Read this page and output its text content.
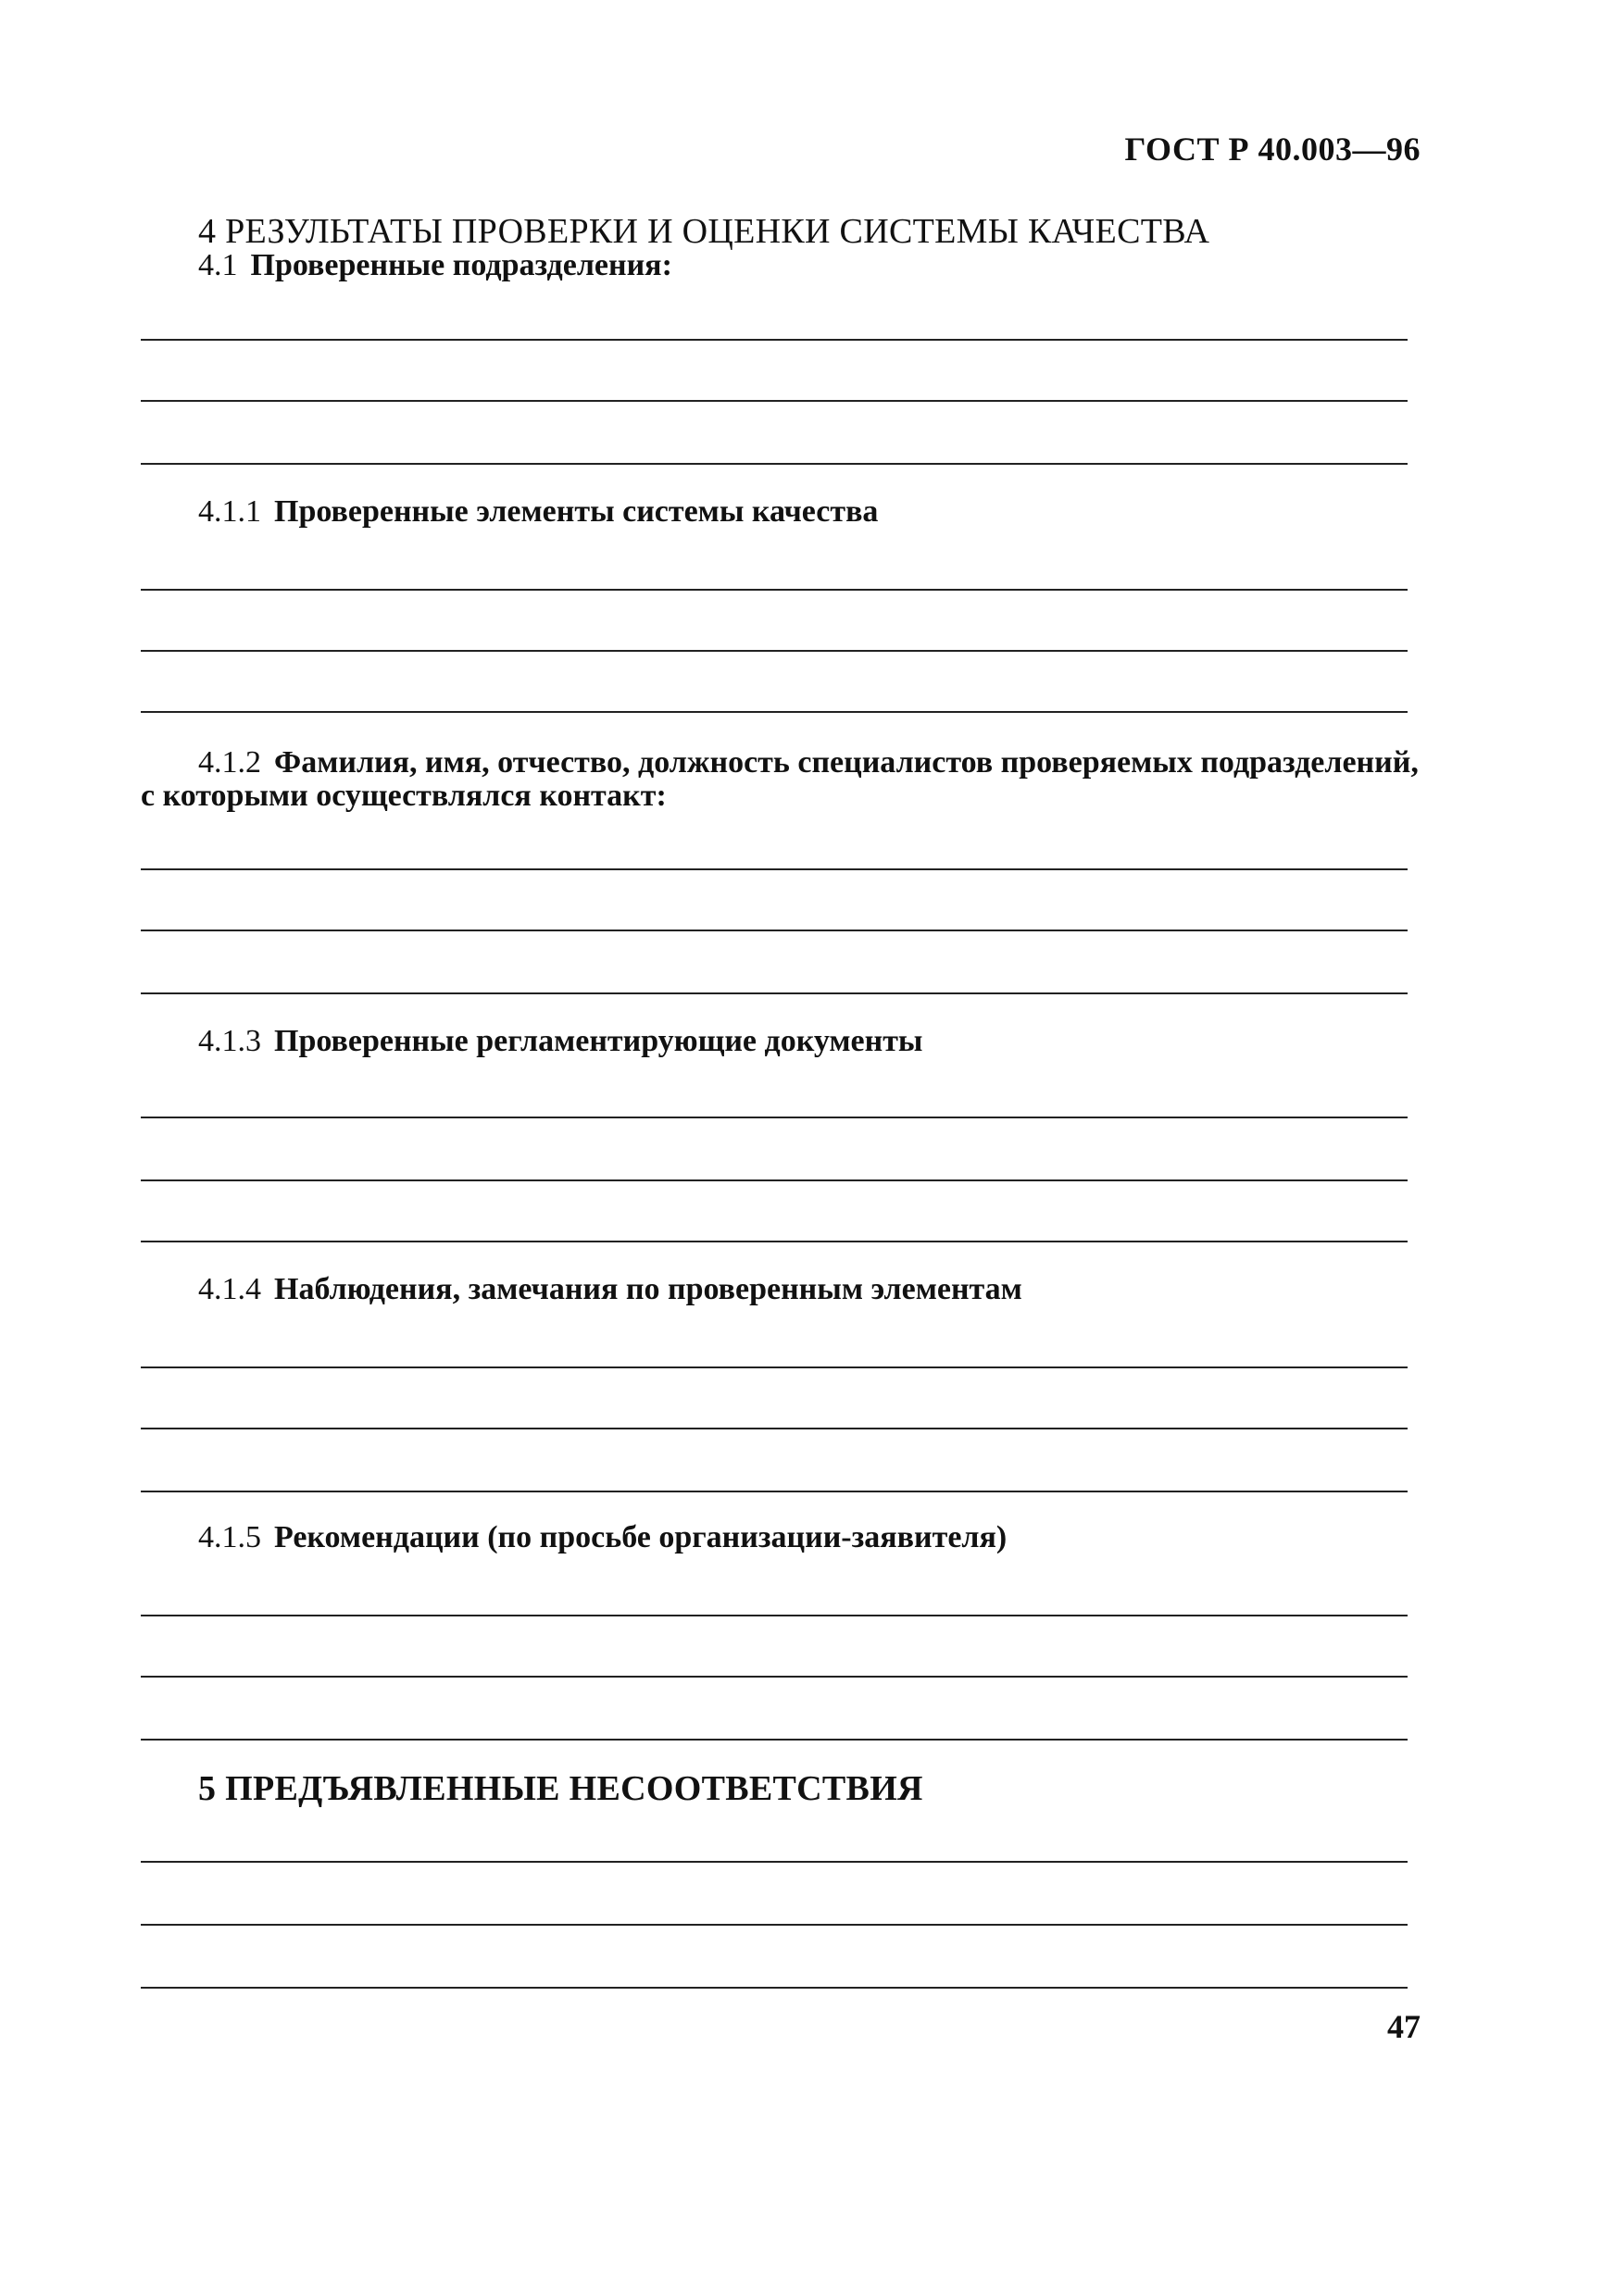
ГОСТ Р 40.003—96
4 РЕЗУЛЬТАТЫ ПРОВЕРКИ И ОЦЕНКИ СИСТЕМЫ КАЧЕСТВА
4.1 Проверенные подразделения:
4.1.1 Проверенные элементы системы качества
4.1.2 Фамилия, имя, отчество, должность специалистов проверяемых подразделений, с которыми осуществлялся контакт:
4.1.3 Проверенные регламентирующие документы
4.1.4 Наблюдения, замечания по проверенным элементам
4.1.5 Рекомендации (по просьбе организации-заявителя)
5 ПРЕДЪЯВЛЕННЫЕ НЕСООТВЕТСТВИЯ
47
